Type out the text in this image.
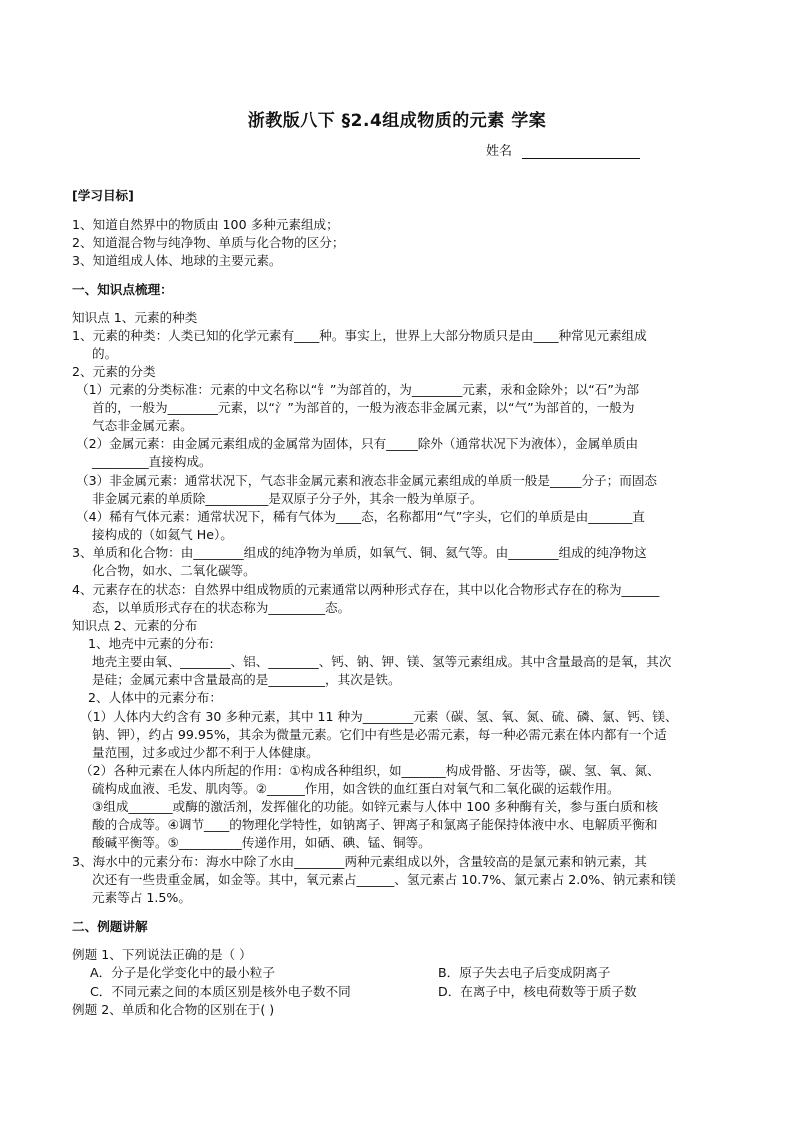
浙教版八下 §2.4组成物质的元素 学案
姓名
[学习目标]
1、知道自然界中的物质由 100 多种元素组成；
2、知道混合物与纯净物、单质与化合物的区分；
3、知道组成人体、地球的主要元素。
一、知识点梳理：
知识点 1、元素的种类
1、元素的种类：人类已知的化学元素有____种。事实上，世界上大部分物质只是由____种常见元素组成
的。
2、元素的分类
（1）元素的分类标准：元素的中文名称以“钅”为部首的，为________元素，汞和金除外；以“石”为部
首的，一般为________元素，以“氵”为部首的，一般为液态非金属元素，以“气”为部首的，一般为
气态非金属元素。
（2）金属元素：由金属元素组成的金属常为固体，只有_____除外（通常状况下为液体），金属单质由
_________直接构成。
（3）非金属元素：通常状况下，气态非金属元素和液态非金属元素组成的单质一般是_____分子；而固态
非金属元素的单质除__________是双原子分子外，其余一般为单原子。
（4）稀有气体元素：通常状况下，稀有气体为____态，名称都用“气”字头，它们的单质是由_______直
接构成的（如氦气 He）。
3、单质和化合物：由________组成的纯净物为单质，如氧气、铜、氦气等。由________组成的纯净物这
化合物，如水、二氧化碳等。
4、元素存在的状态：自然界中组成物质的元素通常以两种形式存在，其中以化合物形式存在的称为______
态，以单质形式存在的状态称为_________态。
知识点 2、元素的分布
1、地壳中元素的分布:
地壳主要由氧、________、铝、________、钙、钠、钾、镁、氢等元素组成。其中含量最高的是氧，其次
是硅；金属元素中含量最高的是_________，其次是铁。
2、人体中的元素分布：
（1）人体内大约含有 30 多种元素，其中 11 种为________元素（碳、氢、氧、氮、硫、磷、氯、钙、镁、
钠、钾），约占 99.95%，其余为微量元素。它们中有些是必需元素，每一种必需元素在体内都有一个适
量范围，过多或过少都不利于人体健康。
（2）各种元素在人体内所起的作用：①构成各种组织，如_______构成骨骼、牙齿等，碳、氢、氧、氮、
硫构成血液、毛发、肌肉等。②______作用，如含铁的血红蛋白对氧气和二氧化碳的运载作用。
③组成_______或酶的激活剂，发挥催化的功能。如锌元素与人体中 100 多种酶有关，参与蛋白质和核
酸的合成等。④调节____的物理化学特性，如钠离子、钾离子和氯离子能保持体液中水、电解质平衡和
酸碱平衡等。⑤__________传递作用，如硒、碘、锰、铜等。
3、海水中的元素分布：海水中除了水由________两种元素组成以外，含量较高的是氯元素和钠元素，其
次还有一些贵重金属，如金等。其中，氧元素占______、氢元素占 10.7%、氯元素占 2.0%、钠元素和镁
元素等占 1.5%。
二、例题讲解
例题 1、下列说法正确的是（ ）
A．分子是化学变化中的最小粒子	B．原子失去电子后变成阴离子
C．不同元素之间的本质区别是核外电子数不同	D．在离子中，核电荷数等于质子数
例题 2、单质和化合物的区别在于( )
